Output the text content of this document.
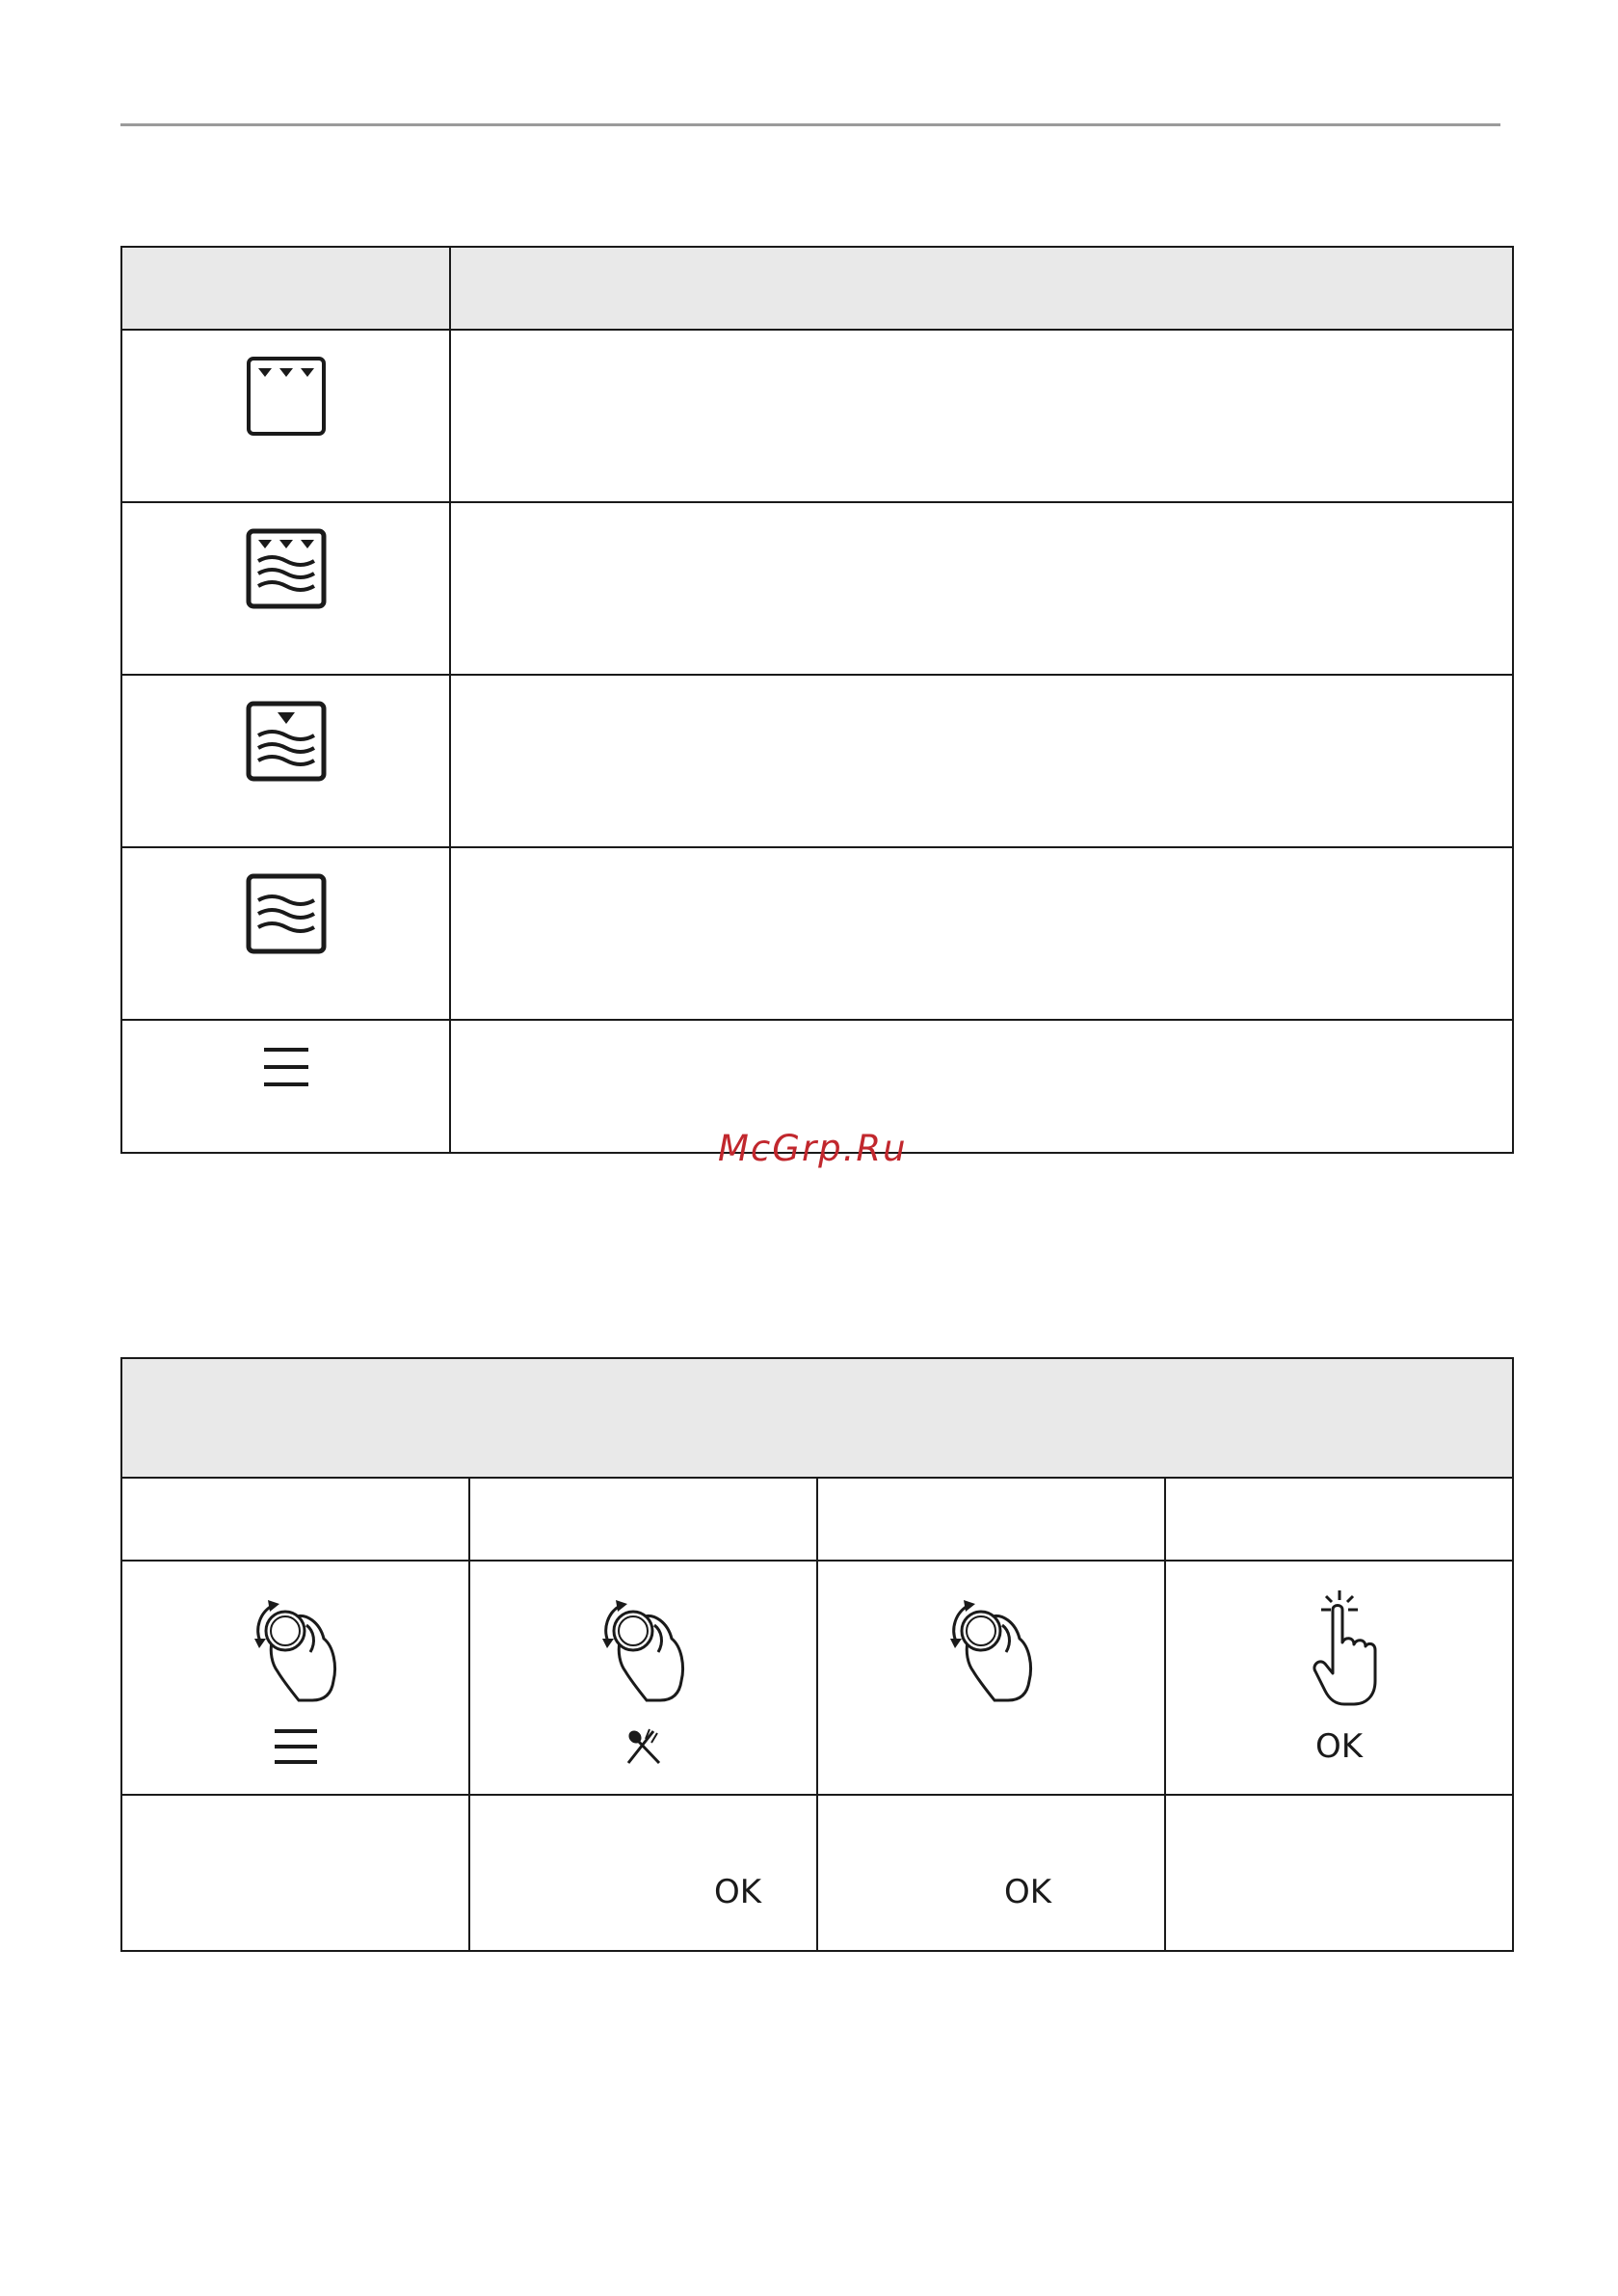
McGrp.Ru

OK

	OK	OK	
